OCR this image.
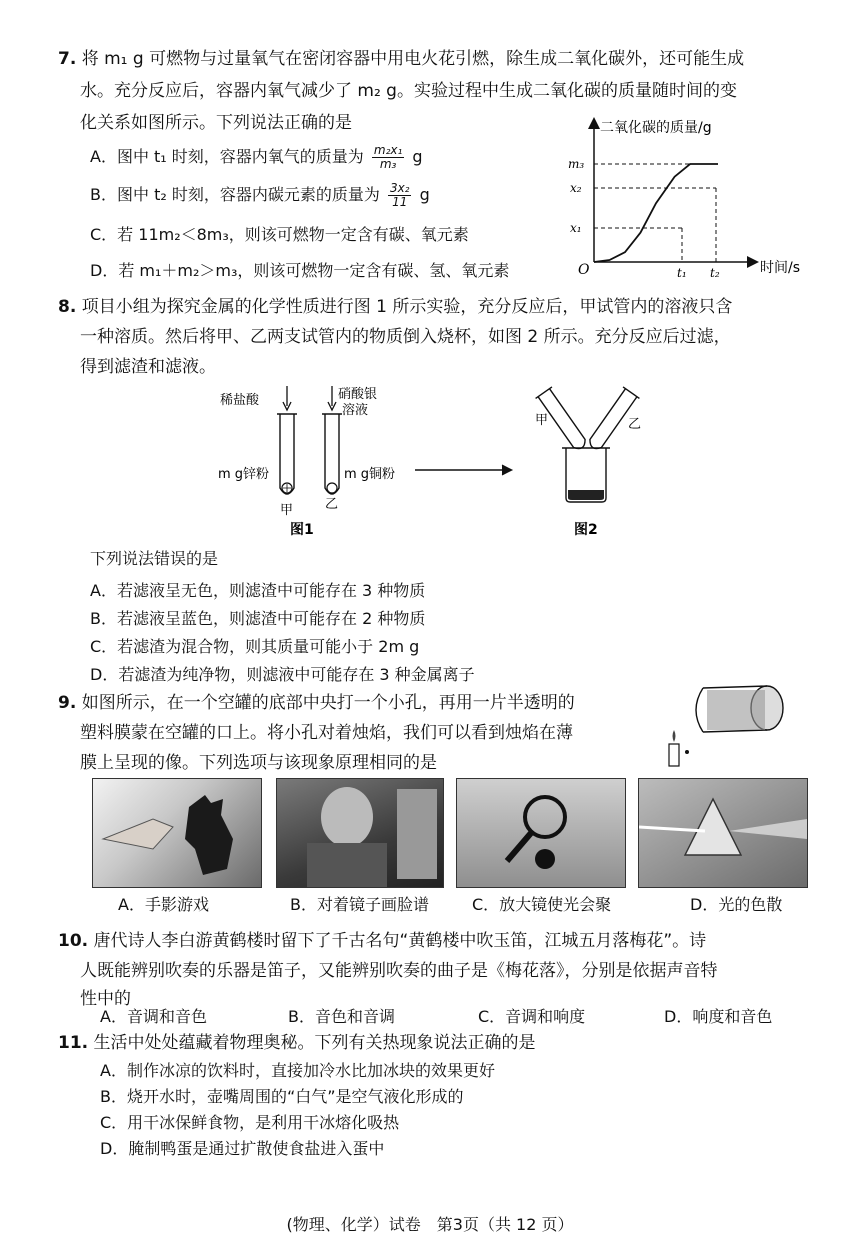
7. 将 m₁ g 可燃物与过量氧气在密闭容器中用电火花引燃，除生成二氧化碳外，还可能生成
水。充分反应后，容器内氧气减少了 m₂ g。实验过程中生成二氧化碳的质量随时间的变
化关系如图所示。下列说法正确的是
A．图中 t₁ 时刻，容器内氧气的质量为 $\frac{\text{m₂x₁}}{\text{m₃}}$ g
B．图中 t₂ 时刻，容器内碳元素的质量为 $\frac{\text{3x₂}}{11}$ g
C．若 11m₂＜8m₃，则该可燃物一定含有碳、氧元素
D．若 m₁＋m₂＞m₃，则该可燃物一定含有碳、氢、氧元素
二氧化碳的质量/g
时间/s
O
m₃
x₂
x₁
t₁ t₂
8. 项目小组为探究金属的化学性质进行图 1 所示实验，充分反应后，甲试管内的溶液只含
一种溶质。然后将甲、乙两支试管内的物质倒入烧杯，如图 2 所示。充分反应后过滤，
得到滤渣和滤液。
稀盐酸	硝酸银
溶液
m g锌粉	m g铜粉
甲 乙
图1
甲	乙
图2
下列说法错误的是
A．若滤液呈无色，则滤渣中可能存在 3 种物质
B．若滤液呈蓝色，则滤渣中可能存在 2 种物质
C．若滤渣为混合物，则其质量可能小于 2m g
D．若滤渣为纯净物，则滤液中可能存在 3 种金属离子
9. 如图所示，在一个空罐的底部中央打一个小孔，再用一片半透明的
塑料膜蒙在空罐的口上。将小孔对着烛焰，我们可以看到烛焰在薄
膜上呈现的像。下列选项与该现象原理相同的是
A．手影游戏	B．对着镜子画脸谱	C．放大镜使光会聚	D．光的色散
10. 唐代诗人李白游黄鹤楼时留下了千古名句“黄鹤楼中吹玉笛，江城五月落梅花”。诗
人既能辨别吹奏的乐器是笛子，又能辨别吹奏的曲子是《梅花落》，分别是依据声音特
性中的
A．音调和音色	B．音色和音调	C．音调和响度	D．响度和音色
11. 生活中处处蕴藏着物理奥秘。下列有关热现象说法正确的是
A．制作冰凉的饮料时，直接加冷水比加冰块的效果更好
B．烧开水时，壶嘴周围的“白气”是空气液化形成的
C．用干冰保鲜食物，是利用干冰熔化吸热
D．腌制鸭蛋是通过扩散使食盐进入蛋中
(物理、化学）试卷　第3页（共 12 页）
